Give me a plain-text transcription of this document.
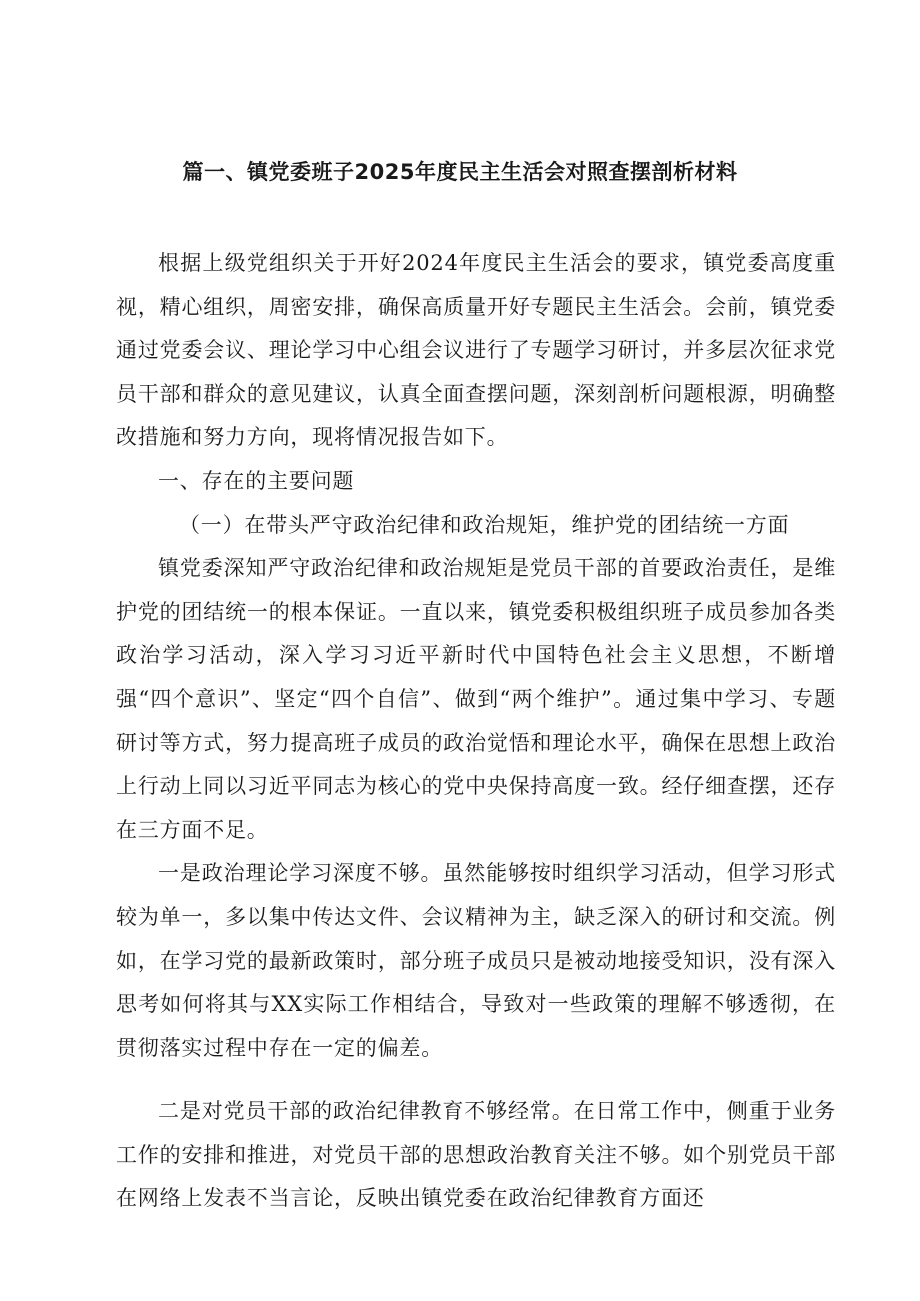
篇一、镇党委班子2025年度民主生活会对照查摆剖析材料

根据上级党组织关于开好2024年度民主生活会的要求，镇党委高度重视，精心组织，周密安排，确保高质量开好专题民主生活会。会前，镇党委通过党委会议、理论学习中心组会议进行了专题学习研讨，并多层次征求党员干部和群众的意见建议，认真全面查摆问题，深刻剖析问题根源，明确整改措施和努力方向，现将情况报告如下。

一、存在的主要问题
（一）在带头严守政治纪律和政治规矩，维护党的团结统一方面

镇党委深知严守政治纪律和政治规矩是党员干部的首要政治责任，是维护党的团结统一的根本保证。一直以来，镇党委积极组织班子成员参加各类政治学习活动，深入学习习近平新时代中国特色社会主义思想，不断增强“四个意识”、坚定“四个自信”、做到“两个维护”。通过集中学习、专题研讨等方式，努力提高班子成员的政治觉悟和理论水平，确保在思想上政治上行动上同以习近平同志为核心的党中央保持高度一致。经仔细查摆，还存在三方面不足。

一是政治理论学习深度不够。虽然能够按时组织学习活动，但学习形式较为单一，多以集中传达文件、会议精神为主，缺乏深入的研讨和交流。例如，在学习党的最新政策时，部分班子成员只是被动地接受知识，没有深入思考如何将其与XX实际工作相结合，导致对一些政策的理解不够透彻，在贯彻落实过程中存在一定的偏差。

二是对党员干部的政治纪律教育不够经常。在日常工作中，侧重于业务工作的安排和推进，对党员干部的思想政治教育关注不够。如个别党员干部在网络上发表不当言论，反映出镇党委在政治纪律教育方面还
